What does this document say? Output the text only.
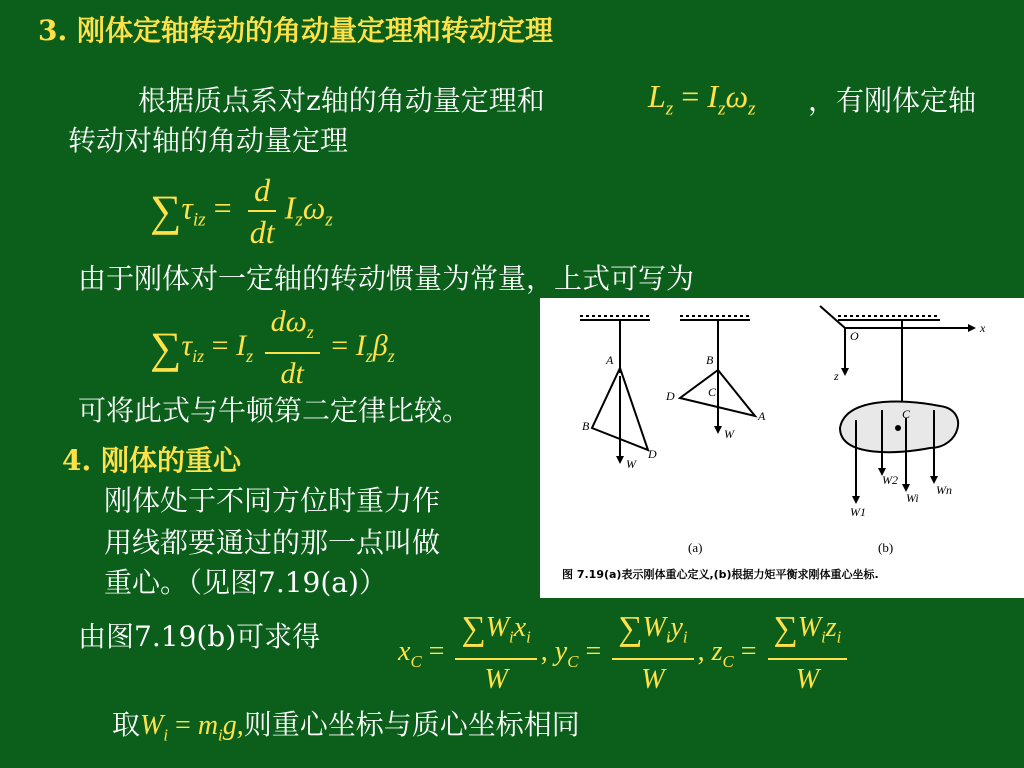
3. 刚体定轴转动的角动量定理和转动定理
根据质点系对z轴的角动量定理和	$L_z = I_z\omega_z$ ，有刚体定轴
转动对轴的角动量定理
$\sum\tau_{iz} = \frac{d}{dt} I_z\omega_z$
由于刚体对一定轴的转动惯量为常量，上式可写为
$\sum\tau_{iz} = I_z \frac{d\omega_z}{dt} = I_z\beta_z$
可将此式与牛顿第二定律比较。
4. 刚体的重心
刚体处于不同方位时重力作
用线都要通过的那一点叫做
重心。（见图7.19(a)）
A
B
D
W
B
C
D
A
W
O
x
z
C
W2
Wi
Wn
W1
(a)	(b)
图 7.19(a)表示刚体重心定义,(b)根据力矩平衡求刚体重心坐标.
由图7.19(b)可求得	$x_C = \frac{\sum W_ix_i}{W}$ , $y_C = \frac{\sum W_iy_i}{W}$ , $z_C = \frac{\sum W_iz_i}{W}$
取$W_i = m_ig$,则重心坐标与质心坐标相同
